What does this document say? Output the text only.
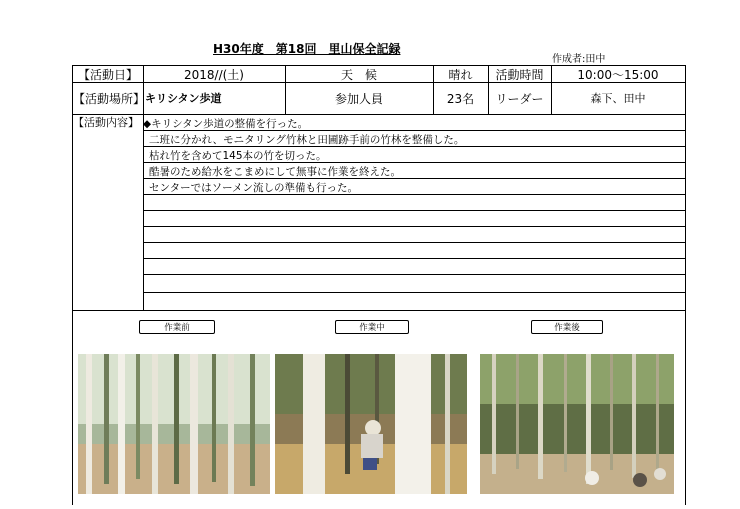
H30年度　第18回　里山保全記録
作成者:田中
【活動日】	2018//(土)	天　候	晴れ	活動時間	10:00〜15:00
【活動場所】 キリシタン歩道	参加人員	23名	リーダー	森下、田中
【活動内容】 ◆キリシタン歩道の整備を行った。
二班に分かれ、モニタリング竹林と田圃跡手前の竹林を整備した。
枯れ竹を含めて145本の竹を切った。
酷暑のため給水をこまめにして無事に作業を終えた。
センターではソーメン流しの準備も行った。
作業前	作業中	作業後
